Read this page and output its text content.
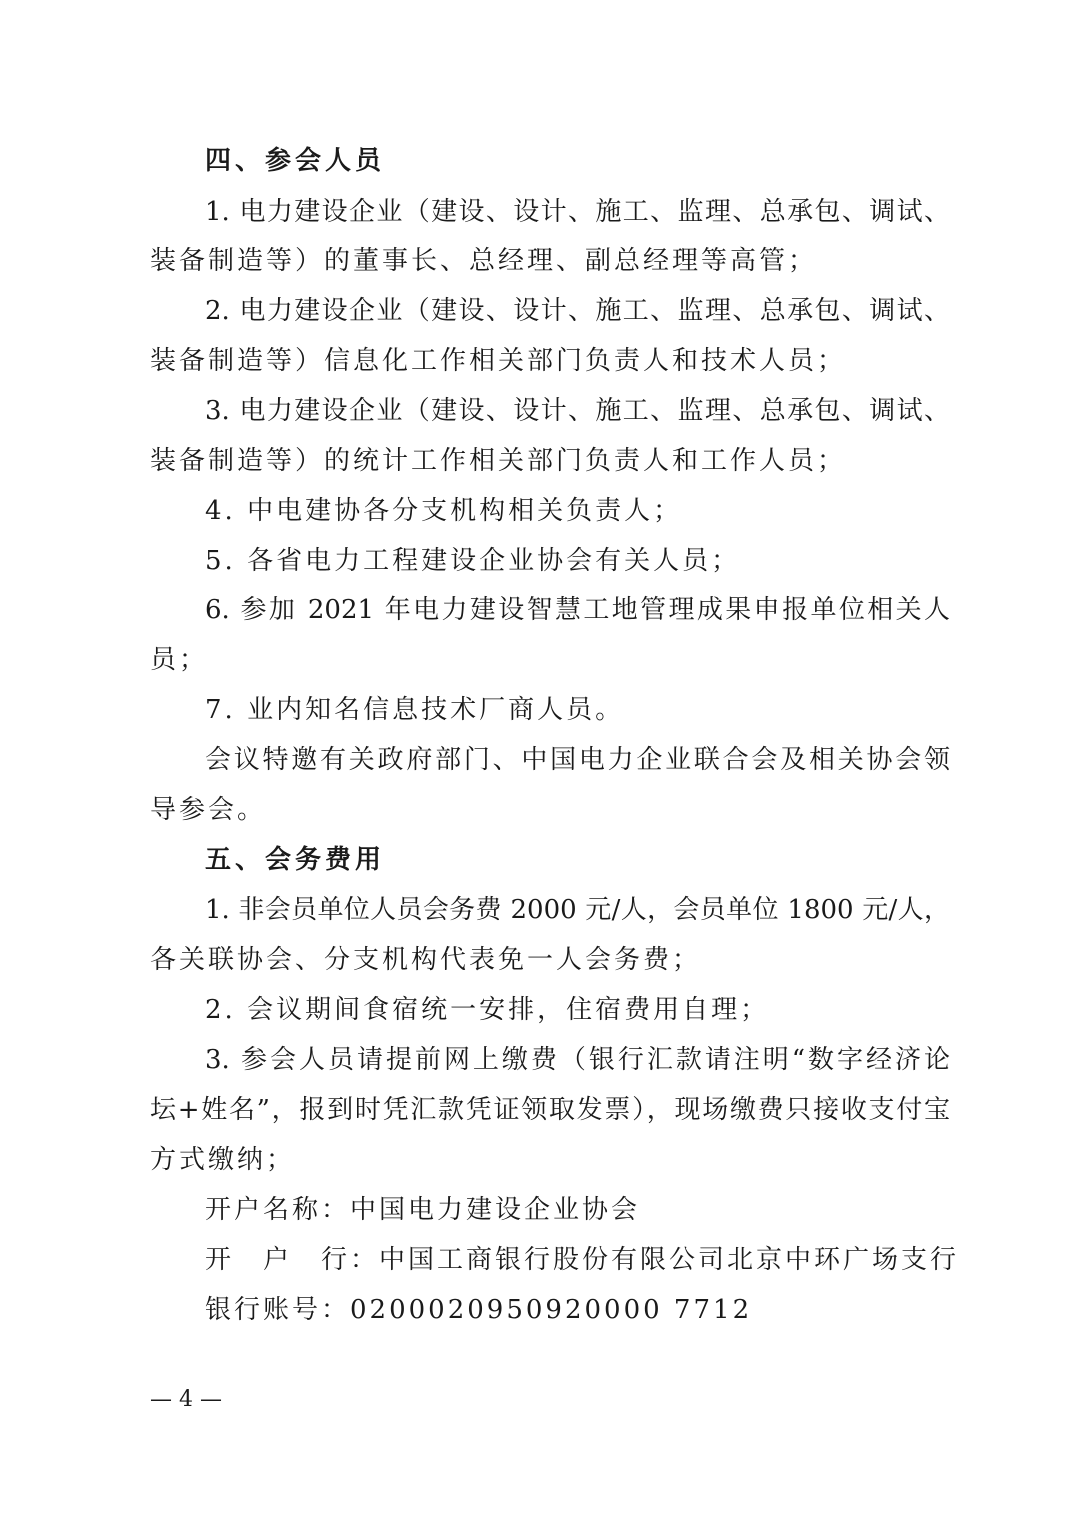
四、参会人员
1. 电力建设企业（建设、设计、施工、监理、总承包、调试、
装备制造等）的董事长、总经理、副总经理等高管；
2. 电力建设企业（建设、设计、施工、监理、总承包、调试、
装备制造等）信息化工作相关部门负责人和技术人员；
3. 电力建设企业（建设、设计、施工、监理、总承包、调试、
装备制造等）的统计工作相关部门负责人和工作人员；
4. 中电建协各分支机构相关负责人；
5. 各省电力工程建设企业协会有关人员；
6. 参加 2021 年电力建设智慧工地管理成果申报单位相关人
员；
7. 业内知名信息技术厂商人员。
会议特邀有关政府部门、中国电力企业联合会及相关协会领
导参会。
五、会务费用
1. 非会员单位人员会务费 2000 元/人，会员单位 1800 元/人，
各关联协会、分支机构代表免一人会务费；
2. 会议期间食宿统一安排，住宿费用自理；
3. 参会人员请提前网上缴费（银行汇款请注明“数字经济论
坛+姓名”，报到时凭汇款凭证领取发票），现场缴费只接收支付宝
方式缴纳；
开户名称：中国电力建设企业协会
开　户　行：中国工商银行股份有限公司北京中环广场支行
银行账号：0200020950920000 7712
— 4 —
